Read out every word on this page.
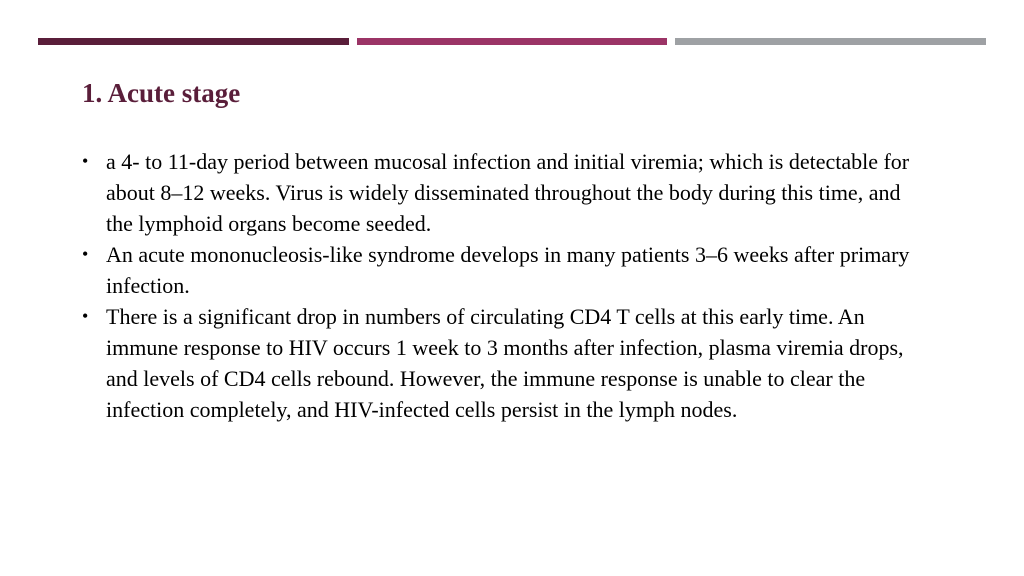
1. Acute stage
• a 4- to 11-day period between mucosal infection and initial viremia; which is detectable for about 8–12 weeks. Virus is widely disseminated throughout the body during this time, and the lymphoid organs become seeded.
• An acute mononucleosis-like syndrome develops in many patients 3–6 weeks after primary infection.
• There is a significant drop in numbers of circulating CD4 T cells at this early time. An immune response to HIV occurs 1 week to 3 months after infection, plasma viremia drops, and levels of CD4 cells rebound. However, the immune response is unable to clear the infection completely, and HIV-infected cells persist in the lymph nodes.
